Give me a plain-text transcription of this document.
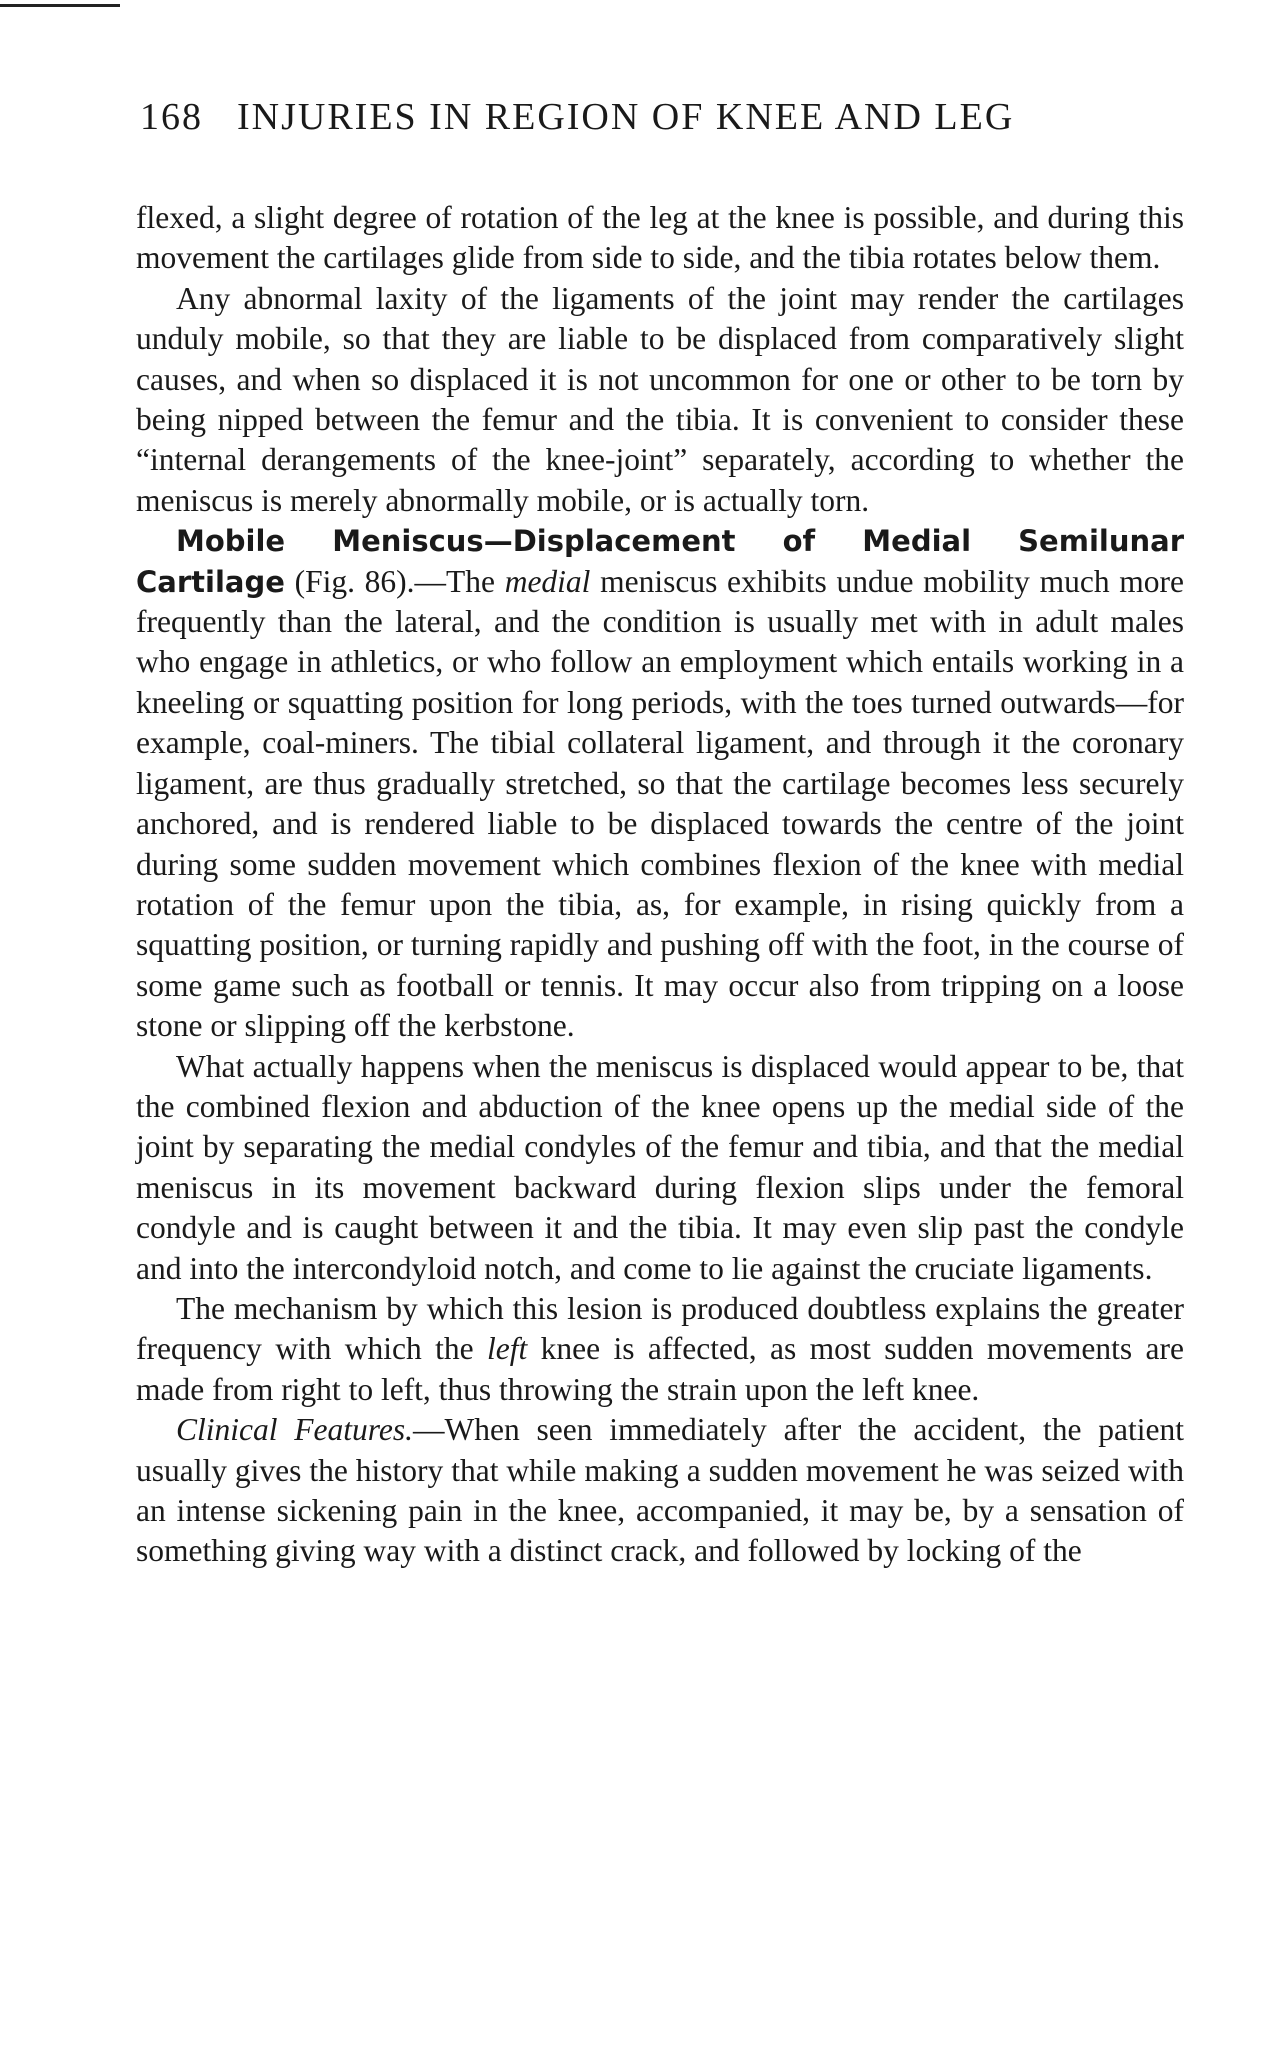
168 INJURIES IN REGION OF KNEE AND LEG

flexed, a slight degree of rotation of the leg at the knee is possible, and during this movement the cartilages glide from side to side, and the tibia rotates below them.

Any abnormal laxity of the ligaments of the joint may render the cartilages unduly mobile, so that they are liable to be displaced from comparatively slight causes, and when so displaced it is not uncommon for one or other to be torn by being nipped between the femur and the tibia. It is convenient to consider these “internal derangements of the knee-joint” separately, according to whether the meniscus is merely abnormally mobile, or is actually torn.

Mobile Meniscus—Displacement of Medial Semilunar Cartilage (Fig. 86).—The medial meniscus exhibits undue mobility much more frequently than the lateral, and the condition is usually met with in adult males who engage in athletics, or who follow an employment which entails working in a kneeling or squatting position for long periods, with the toes turned outwards—for example, coal-miners. The tibial collateral ligament, and through it the coronary ligament, are thus gradually stretched, so that the cartilage becomes less securely anchored, and is rendered liable to be displaced towards the centre of the joint during some sudden movement which combines flexion of the knee with medial rotation of the femur upon the tibia, as, for example, in rising quickly from a squatting position, or turning rapidly and pushing off with the foot, in the course of some game such as football or tennis. It may occur also from tripping on a loose stone or slipping off the kerbstone.

What actually happens when the meniscus is displaced would appear to be, that the combined flexion and abduction of the knee opens up the medial side of the joint by separating the medial condyles of the femur and tibia, and that the medial meniscus in its movement backward during flexion slips under the femoral condyle and is caught between it and the tibia. It may even slip past the condyle and into the intercondyloid notch, and come to lie against the cruciate ligaments.

The mechanism by which this lesion is produced doubtless explains the greater frequency with which the left knee is affected, as most sudden movements are made from right to left, thus throwing the strain upon the left knee.

Clinical Features.—When seen immediately after the accident, the patient usually gives the history that while making a sudden movement he was seized with an intense sickening pain in the knee, accompanied, it may be, by a sensation of something giving way with a distinct crack, and followed by locking of the
